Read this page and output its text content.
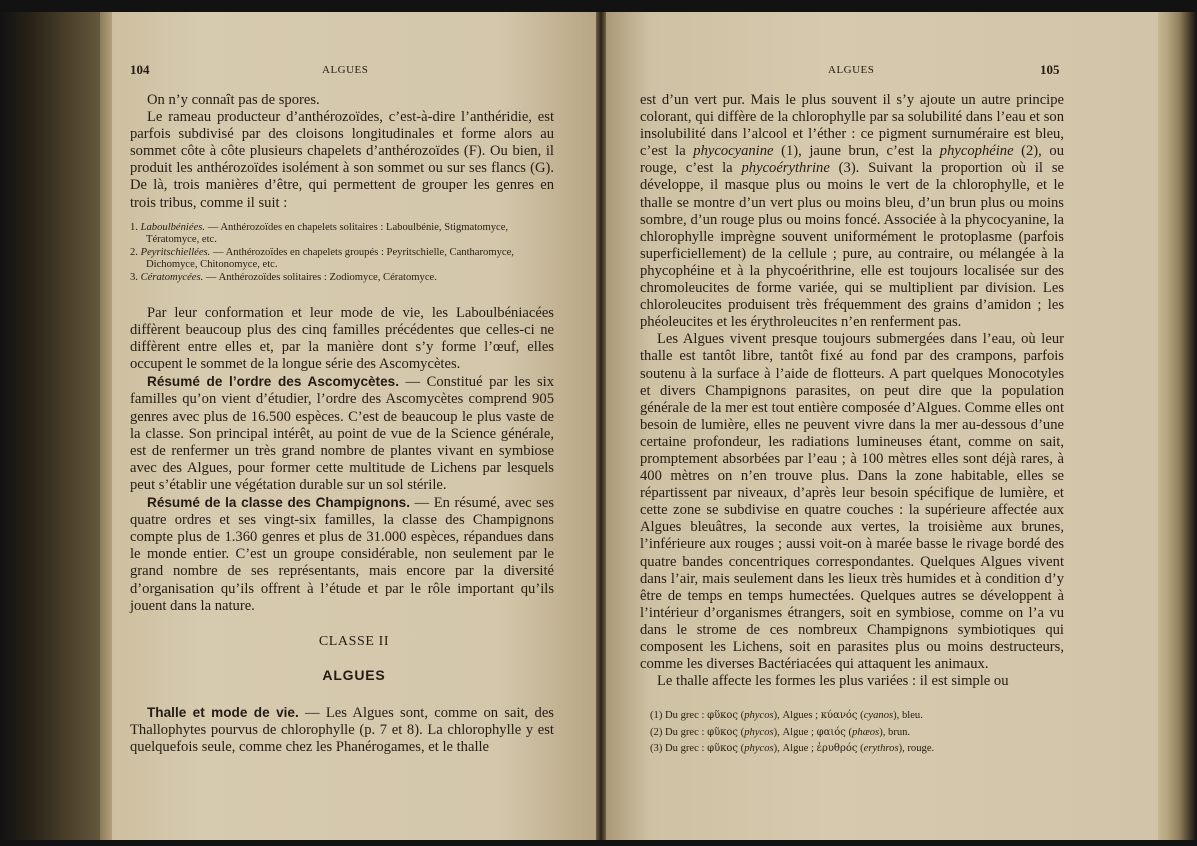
104	ALGUES

On n’y connaît pas de spores.

Le rameau producteur d’anthérozoïdes, c’est-à-dire l’anthéridie, est parfois subdivisé par des cloisons longitudinales et forme alors au sommet côte à côte plusieurs chapelets d’anthérozoïdes (F). Ou bien, il produit les anthérozoïdes isolément à son sommet ou sur ses flancs (G). De là, trois manières d’être, qui permettent de grouper les genres en trois tribus, comme il suit :

1. Laboulbéniées. — Anthérozoïdes en chapelets solitaires : Laboulbénie, Stigmatomyce, Tératomyce, etc.

2. Peyritschiellées. — Anthérozoïdes en chapelets groupés : Peyritschielle, Cantharomyce, Dichomyce, Chitonomyce, etc.

3. Cératomycées. — Anthérozoïdes solitaires : Zodiomyce, Cératomyce.

Par leur conformation et leur mode de vie, les Laboulbéniacées diffèrent beaucoup plus des cinq familles précédentes que celles-ci ne diffèrent entre elles et, par la manière dont s’y forme l’œuf, elles occupent le sommet de la longue série des Ascomycètes.

Résumé de l’ordre des Ascomycètes. — Constitué par les six familles qu’on vient d’étudier, l’ordre des Ascomycètes comprend 905 genres avec plus de 16.500 espèces. C’est de beaucoup le plus vaste de la classe. Son principal intérêt, au point de vue de la Science générale, est de renfermer un très grand nombre de plantes vivant en symbiose avec des Algues, pour former cette multitude de Lichens par lesquels peut s’établir une végétation durable sur un sol stérile.

Résumé de la classe des Champignons. — En résumé, avec ses quatre ordres et ses vingt-six familles, la classe des Champignons compte plus de 1.360 genres et plus de 31.000 espèces, répandues dans le monde entier. C’est un groupe considérable, non seulement par le grand nombre de ses représentants, mais encore par la diversité d’organisation qu’ils offrent à l’étude et par le rôle important qu’ils jouent dans la nature.

CLASSE II
ALGUES

Thalle et mode de vie. — Les Algues sont, comme on sait, des Thallophytes pourvus de chlorophylle (p. 7 et 8). La chlorophylle y est quelquefois seule, comme chez les Phanérogames, et le thalle

ALGUES	105

est d’un vert pur. Mais le plus souvent il s’y ajoute un autre principe colorant, qui diffère de la chlorophylle par sa solubilité dans l’eau et son insolubilité dans l’alcool et l’éther : ce pigment surnuméraire est bleu, c’est la phycocyanine (1), jaune brun, c’est la phycophéine (2), ou rouge, c’est la phycoérythrine (3). Suivant la proportion où il se développe, il masque plus ou moins le vert de la chlorophylle, et le thalle se montre d’un vert plus ou moins bleu, d’un brun plus ou moins sombre, d’un rouge plus ou moins foncé. Associée à la phycocyanine, la chlorophylle imprègne souvent uniformément le protoplasme (parfois superficiellement) de la cellule ; pure, au contraire, ou mélangée à la phycophéine et à la phycoérithrine, elle est toujours localisée sur des chromoleucites de forme variée, qui se multiplient par division. Les chloroleucites produisent très fréquemment des grains d’amidon ; les phéoleucites et les érythroleucites n’en renferment pas.

Les Algues vivent presque toujours submergées dans l’eau, où leur thalle est tantôt libre, tantôt fixé au fond par des crampons, parfois soutenu à la surface à l’aide de flotteurs. A part quelques Monocotyles et divers Champignons parasites, on peut dire que la population générale de la mer est tout entière composée d’Algues. Comme elles ont besoin de lumière, elles ne peuvent vivre dans la mer au-dessous d’une certaine profondeur, les radiations lumineuses étant, comme on sait, promptement absorbées par l’eau ; à 100 mètres elles sont déjà rares, à 400 mètres on n’en trouve plus. Dans la zone habitable, elles se répartissent par niveaux, d’après leur besoin spécifique de lumière, et cette zone se subdivise en quatre couches : la supérieure affectée aux Algues bleuâtres, la seconde aux vertes, la troisième aux brunes, l’inférieure aux rouges ; aussi voit-on à marée basse le rivage bordé des quatre bandes concentriques correspondantes. Quelques Algues vivent dans l’air, mais seulement dans les lieux très humides et à condition d’y être de temps en temps humectées. Quelques autres se développent à l’intérieur d’organismes étrangers, soit en symbiose, comme on l’a vu dans le strome de ces nombreux Champignons symbiotiques qui composent les Lichens, soit en parasites plus ou moins destructeurs, comme les diverses Bactériacées qui attaquent les animaux.

Le thalle affecte les formes les plus variées : il est simple ou

(1) Du grec : φῦκος (phycos), Algues ; κύανός (cyanos), bleu.

(2) Du grec : φῦκος (phycos), Algue ; φαιός (phæos), brun.

(3) Du grec : φῦκος (phycos), Algue ; ἐρυθρός (erythros), rouge.
